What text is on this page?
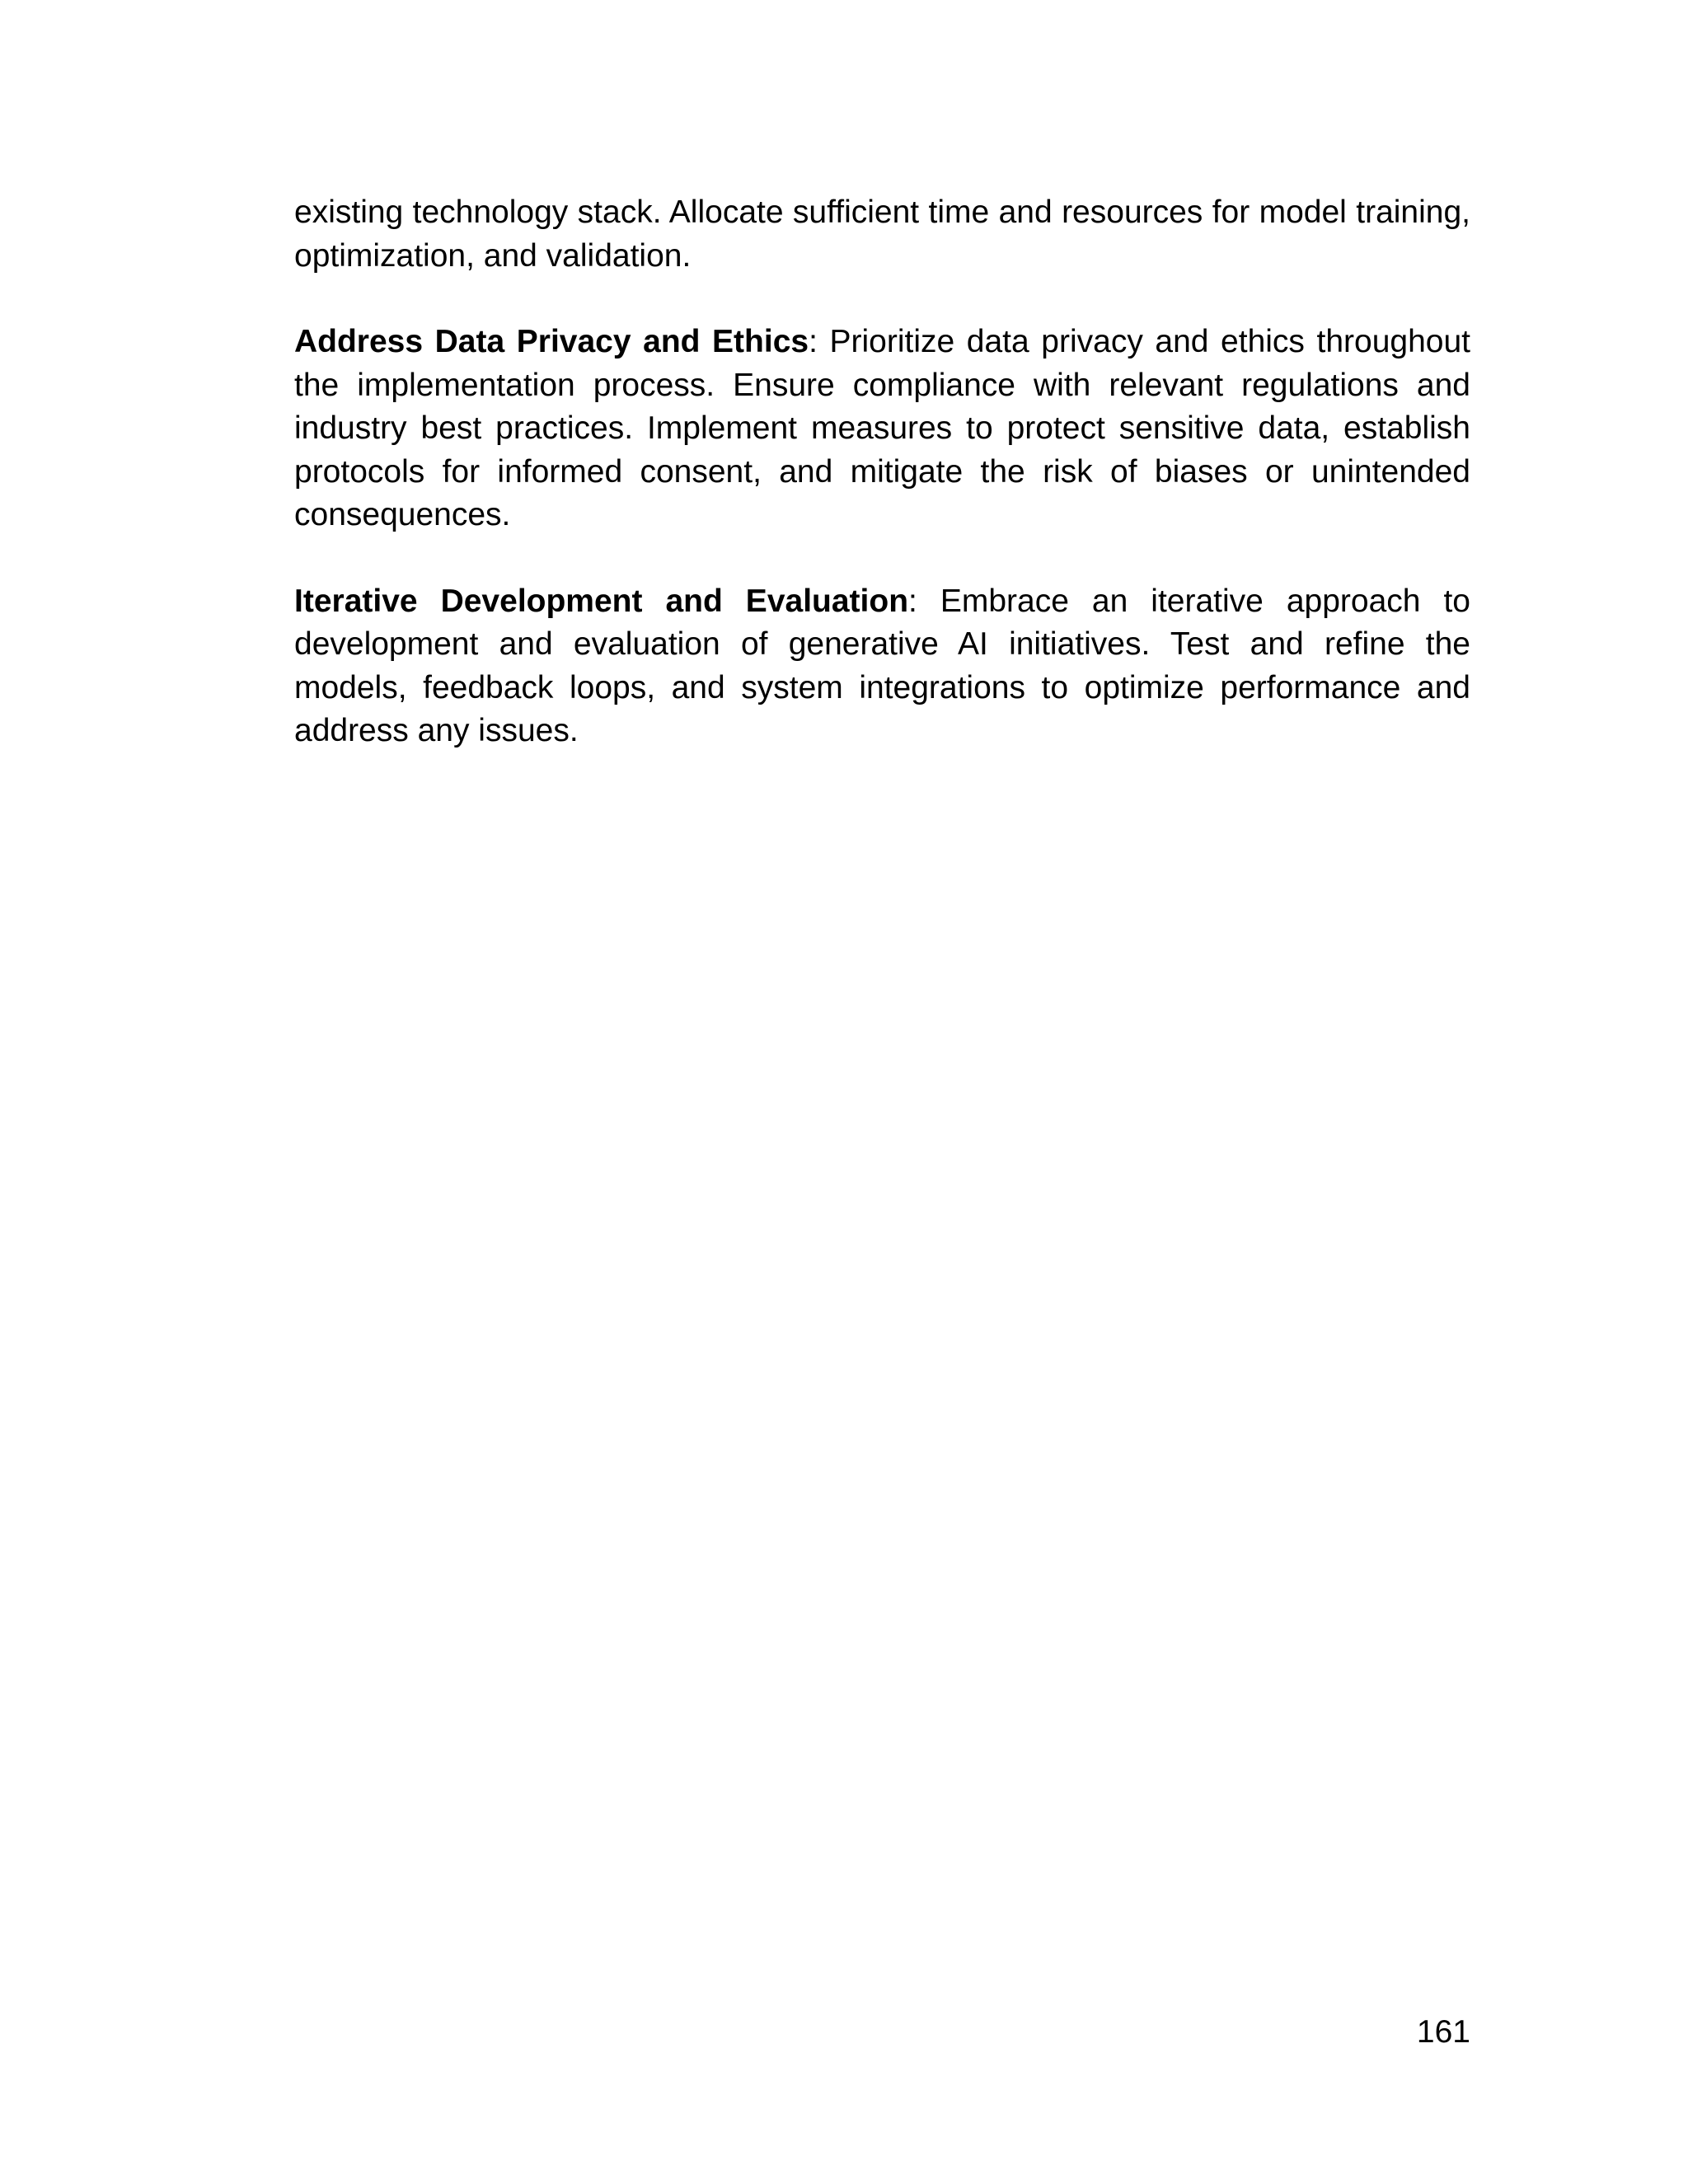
existing technology stack. Allocate sufficient time and resources for model training, optimization, and validation.

Address Data Privacy and Ethics: Prioritize data privacy and ethics throughout the implementation process. Ensure compliance with relevant regulations and industry best practices. Implement measures to protect sensitive data, establish protocols for informed consent, and mitigate the risk of biases or unintended consequences.

Iterative Development and Evaluation: Embrace an iterative approach to development and evaluation of generative AI initiatives. Test and refine the models, feedback loops, and system integrations to optimize performance and address any issues.

161
